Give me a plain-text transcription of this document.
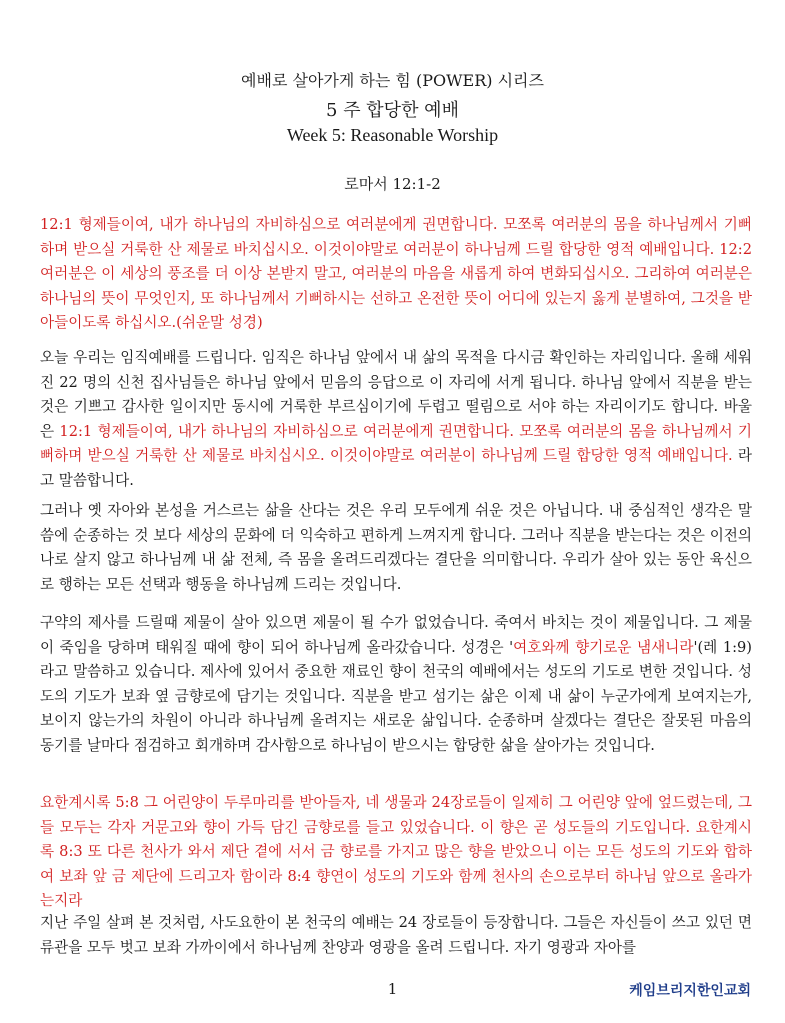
예배로 살아가게 하는 힘 (POWER) 시리즈
5 주 합당한 예배
Week 5: Reasonable Worship
로마서 12:1-2

12:1 형제들이여, 내가 하나님의 자비하심으로 여러분에게 권면합니다. 모쪼록 여러분의 몸을 하나님께서 기뻐하며 받으실 거룩한 산 제물로 바치십시오. 이것이야말로 여러분이 하나님께 드릴 합당한 영적 예배입니다. 12:2 여러분은 이 세상의 풍조를 더 이상 본받지 말고, 여러분의 마음을 새롭게 하여 변화되십시오. 그리하여 여러분은 하나님의 뜻이 무엇인지, 또 하나님께서 기뻐하시는 선하고 온전한 뜻이 어디에 있는지 옳게 분별하여, 그것을 받아들이도록 하십시오.(쉬운말 성경)

오늘 우리는 임직예배를 드립니다. 임직은 하나님 앞에서 내 삶의 목적을 다시금 확인하는 자리입니다. 올해 세워진 22 명의 신천 집사님들은 하나님 앞에서 믿음의 응답으로 이 자리에 서게 됩니다. 하나님 앞에서 직분을 받는 것은 기쁘고 감사한 일이지만 동시에 거룩한 부르심이기에 두렵고 떨림으로 서야 하는 자리이기도 합니다. 바울은 12:1 형제들이여, 내가 하나님의 자비하심으로 여러분에게 권면합니다. 모쪼록 여러분의 몸을 하나님께서 기뻐하며 받으실 거룩한 산 제물로 바치십시오. 이것이야말로 여러분이 하나님께 드릴 합당한 영적 예배입니다. 라고 말씀합니다.

그러나 옛 자아와 본성을 거스르는 삶을 산다는 것은 우리 모두에게 쉬운 것은 아닙니다. 내 중심적인 생각은 말씀에 순종하는 것 보다 세상의 문화에 더 익숙하고 편하게 느껴지게 합니다. 그러나 직분을 받는다는 것은 이전의 나로 살지 않고 하나님께 내 삶 전체, 즉 몸을 올려드리겠다는 결단을 의미합니다. 우리가 살아 있는 동안 육신으로 행하는 모든 선택과 행동을 하나님께 드리는 것입니다.

구약의 제사를 드릴때 제물이 살아 있으면 제물이 될 수가 없었습니다. 죽여서 바치는 것이 제물입니다. 그 제물이 죽임을 당하며 태워질 때에 향이 되어 하나님께 올라갔습니다. 성경은 '여호와께 향기로운 냄새니라'(레 1:9)라고 말씀하고 있습니다. 제사에 있어서 중요한 재료인 향이 천국의 예배에서는 성도의 기도로 변한 것입니다. 성도의 기도가 보좌 옆 금향로에 담기는 것입니다. 직분을 받고 섬기는 삶은 이제 내 삶이 누군가에게 보여지는가, 보이지 않는가의 차원이 아니라 하나님께 올려지는 새로운 삶입니다. 순종하며 살겠다는 결단은 잘못된 마음의 동기를 날마다 점검하고 회개하며 감사함으로 하나님이 받으시는 합당한 삶을 살아가는 것입니다.

요한계시록 5:8 그 어린양이 두루마리를 받아들자, 네 생물과 24장로들이 일제히 그 어린양 앞에 엎드렸는데, 그들 모두는 각자 거문고와 향이 가득 담긴 금향로를 들고 있었습니다. 이 향은 곧 성도들의 기도입니다. 요한계시록 8:3 또 다른 천사가 와서 제단 곁에 서서 금 향로를 가지고 많은 향을 받았으니 이는 모든 성도의 기도와 합하여 보좌 앞 금 제단에 드리고자 함이라 8:4 향연이 성도의 기도와 함께 천사의 손으로부터 하나님 앞으로 올라가는지라

지난 주일 살펴 본 것처럼, 사도요한이 본 천국의 예배는 24 장로들이 등장합니다. 그들은 자신들이 쓰고 있던 면류관을 모두 벗고 보좌 가까이에서 하나님께 찬양과 영광을 올려 드립니다. 자기 영광과 자아를

1	케임브리지한인교회
